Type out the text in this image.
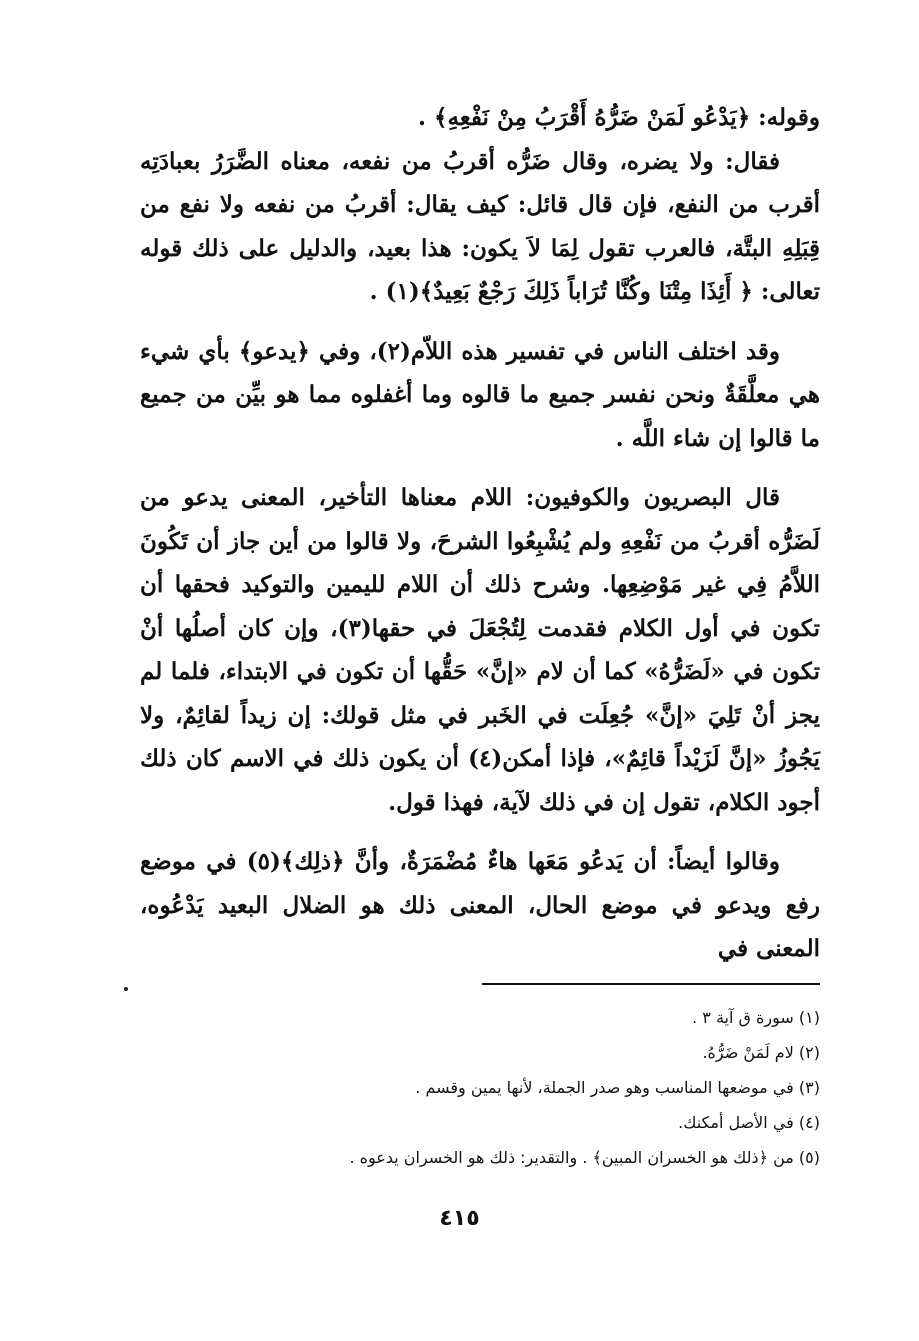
وقوله: ﴿يَدْعُو لَمَنْ ضَرُّهُ أَقْرَبُ مِنْ نَفْعِهِ﴾ .

فقال: ولا يضره، وقال ضَرُّه أقربُ من نفعه، معناه الضَّرَرُ بعبادَتِه أقرب من النفع، فإن قال قائل: كيف يقال: أقربُ من نفعه ولا نفع من قِبَلِهِ البتَّة، فالعرب تقول لِمَا لاَ يكون: هذا بعيد، والدليل على ذلك قوله تعالى: ﴿ أَئِذَا مِتْنَا وكُنَّا تُرَاباً ذَلِكَ رَجْعٌ بَعِيدٌ﴾(١) .

وقد اختلف الناس في تفسير هذه اللاّم(٢)، وفي ﴿يدعو﴾ بأي شيء هي معلَّقَةٌ ونحن نفسر جميع ما قالوه وما أغفلوه مما هو بيِّن من جميع ما قالوا إن شاء اللَّه .

قال البصريون والكوفيون: اللام معناها التأخير، المعنى يدعو من لَضَرُّه أقربُ من نَفْعِهِ ولم يُشْبِعُوا الشرحَ، ولا قالوا من أين جاز أن تَكُونَ اللاَّمُ فِي غير مَوْضِعِها. وشرح ذلك أن اللام لليمين والتوكيد فحقها أن تكون في أول الكلام فقدمت لِتُجْعَلَ في حقها(٣)، وإن كان أصلُها أنْ تكون في «لَضَرُّهُ» كما أن لام «إنَّ» حَقُّها أن تكون في الابتداء، فلما لم يجز أنْ تَلِيَ «إنَّ» جُعِلَت في الخَبر في مثل قولك: إن زيداً لقائِمٌ، ولا يَجُوزُ «إنَّ لَزَيْداً قائِمٌ»، فإذا أمكن(٤) أن يكون ذلك في الاسم كان ذلك أجود الكلام، تقول إن في ذلك لآية، فهذا قول.

وقالوا أيضاً: أن يَدعُو مَعَها هاءٌ مُضْمَرَةٌ، وأنَّ ﴿ذلِك﴾(٥) في موضع رفع ويدعو في موضع الحال، المعنى ذلك هو الضلال البعيد يَدْعُوه، المعنى في

(١) سورة ق آية ٣ .
(٢) لام لَمَنْ ضَرُّهُ.
(٣) في موضعها المناسب وهو صدر الجملة، لأنها يمين وقسم .
(٤) في الأصل أمكنك.
(٥) من ﴿ذلك هو الخسران المبين﴾ . والتقدير: ذلك هو الخسران يدعوه .
٤١٥
